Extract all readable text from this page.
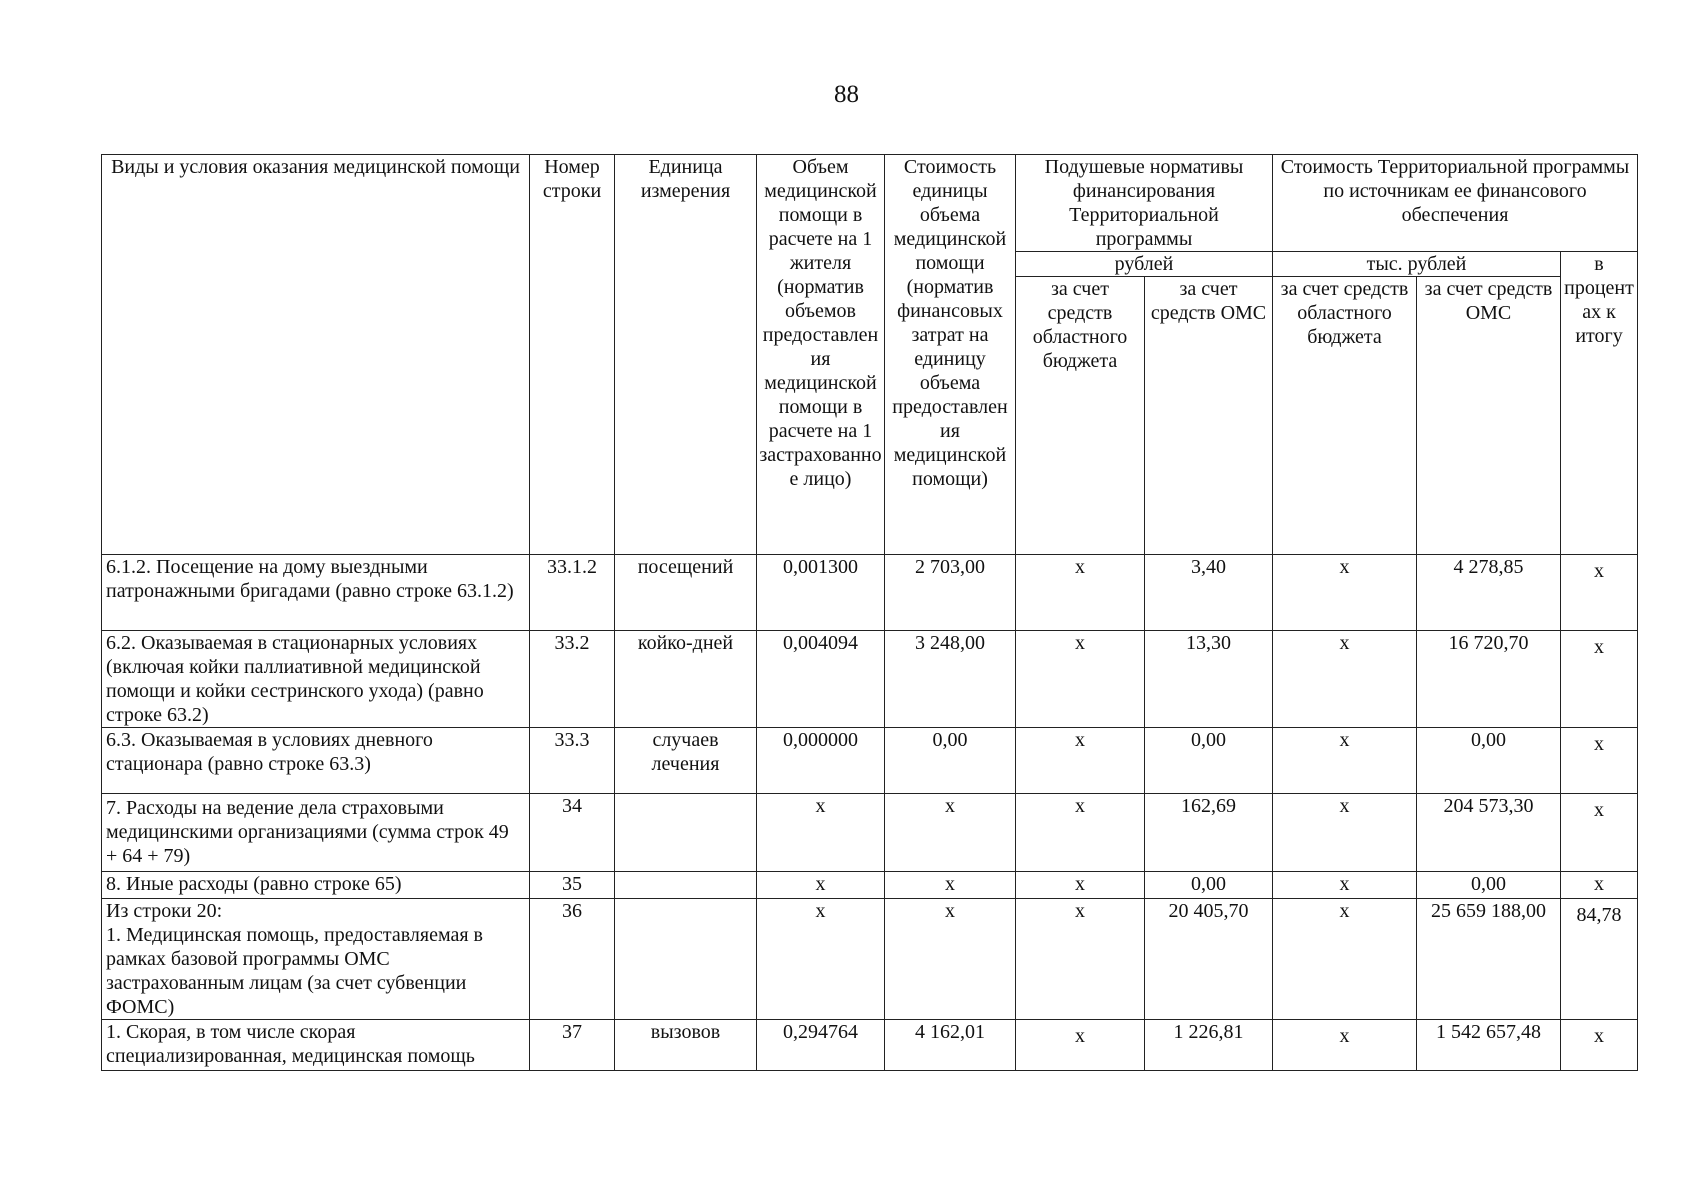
88
Виды и условия оказания медицинской помощи	Номер строки	Единица измерения	Объем медицинской помощи в расчете на 1 жителя (норматив объемов предоставления медицинской помощи в расчете на 1 застрахованное лицо)	Стоимость единицы объема медицинской помощи (норматив финансовых затрат на единицу объема предоставления медицинской помощи)	Подушевые нормативы финансирования Территориальной программы		Стоимость Территориальной программы по источникам ее финансового обеспечения		
					рублей		тыс. рублей		в процентах к итогу
					за счет средств областного бюджета	за счет средств ОМС	за счет средств областного бюджета	за счет средств ОМС	
6.1.2. Посещение на дому выездными патронажными бригадами (равно строке 63.1.2)	33.1.2	посещений	0,001300	2 703,00	х	3,40	х	4 278,85	х
6.2. Оказываемая в стационарных условиях (включая койки паллиативной медицинской помощи и койки сестринского ухода) (равно строке 63.2)	33.2	койко-дней	0,004094	3 248,00	х	13,30	х	16 720,70	х
6.3. Оказываемая в условиях дневного стационара (равно строке 63.3)	33.3	случаев лечения	0,000000	0,00	х	0,00	х	0,00	х
7. Расходы на ведение дела страховыми медицинскими организациями (сумма строк 49 + 64 + 79)	34		х	х	х	162,69	х	204 573,30	х
8. Иные расходы (равно строке 65)	35		х	х	х	0,00	х	0,00	х
Из строки 20:
1. Медицинская помощь, предоставляемая в рамках базовой программы ОМС застрахованным лицам (за счет субвенции ФОМС)	36		х	х	х	20 405,70	х	25 659 188,00	84,78
1. Скорая, в том числе скорая специализированная, медицинская помощь	37	вызовов	0,294764	4 162,01	х	1 226,81	х	1 542 657,48	х
